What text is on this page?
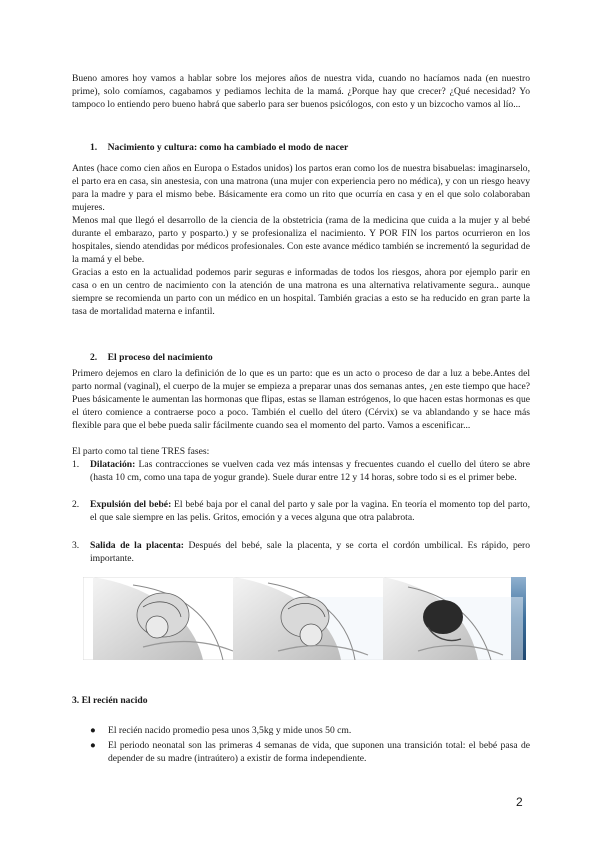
Bueno amores hoy vamos a hablar sobre los mejores años de nuestra vida, cuando no hacíamos nada (en nuestro prime), solo comíamos, cagabamos y pediamos lechita de la mamá. ¿Porque hay que crecer? ¿Qué necesidad? Yo tampoco lo entiendo pero bueno habrá que saberlo para ser buenos psicólogos, con esto y un bizcocho vamos al lío...

1. Nacimiento y cultura: como ha cambiado el modo de nacer

Antes (hace como cien años en Europa o Estados unidos) los partos eran como los de nuestra bisabuelas: imaginarselo, el parto era en casa, sin anestesia, con una matrona (una mujer con experiencia pero no médica), y con un riesgo heavy para la madre y para el mismo bebe. Básicamente era como un rito que ocurría en casa y en el que solo colaboraban mujeres.

Menos mal que llegó el desarrollo de la ciencia de la obstetricia (rama de la medicina que cuida a la mujer y al bebé durante el embarazo, parto y posparto.) y se profesionaliza el nacimiento. Y POR FIN los partos ocurrieron en los hospitales, siendo atendidas por médicos profesionales. Con este avance médico también se incrementó la seguridad de la mamá y el bebe.

Gracias a esto en la actualidad podemos parir seguras e informadas de todos los riesgos, ahora por ejemplo parir en casa o en un centro de nacimiento con la atención de una matrona es una alternativa relativamente segura.. aunque siempre se recomienda un parto con un médico en un hospital. También gracias a esto se ha reducido en gran parte la tasa de mortalidad materna e infantil.

2. El proceso del nacimiento

Primero dejemos en claro la definición de lo que es un parto: que es un acto o proceso de dar a luz a bebe.Antes del parto normal (vaginal), el cuerpo de la mujer se empieza a preparar unas dos semanas antes, ¿en este tiempo que hace? Pues básicamente le aumentan las hormonas que flipas, estas se llaman estrógenos, lo que hacen estas hormonas es que el útero comience a contraerse poco a poco. También el cuello del útero (Cérvix) se va ablandando y se hace más flexible para que el bebe pueda salir fácilmente cuando sea el momento del parto. Vamos a escenificar...

El parto como tal tiene TRES fases:

1. Dilatación: Las contracciones se vuelven cada vez más intensas y frecuentes cuando el cuello del útero se abre (hasta 10 cm, como una tapa de yogur grande). Suele durar entre 12 y 14 horas, sobre todo si es el primer bebe.
2. Expulsión del bebé: El bebé baja por el canal del parto y sale por la vagina. En teoría el momento top del parto, el que sale siempre en las pelis. Gritos, emoción y a veces alguna que otra palabrota.
3. Salida de la placenta: Después del bebé, sale la placenta, y se corta el cordón umbilical. Es rápido, pero importante.
3. El recién nacido
● El recién nacido promedio pesa unos 3,5kg y mide unos 50 cm.
● El periodo neonatal son las primeras 4 semanas de vida, que suponen una transición total: el bebé pasa de depender de su madre (intraútero) a existir de forma independiente.
2
